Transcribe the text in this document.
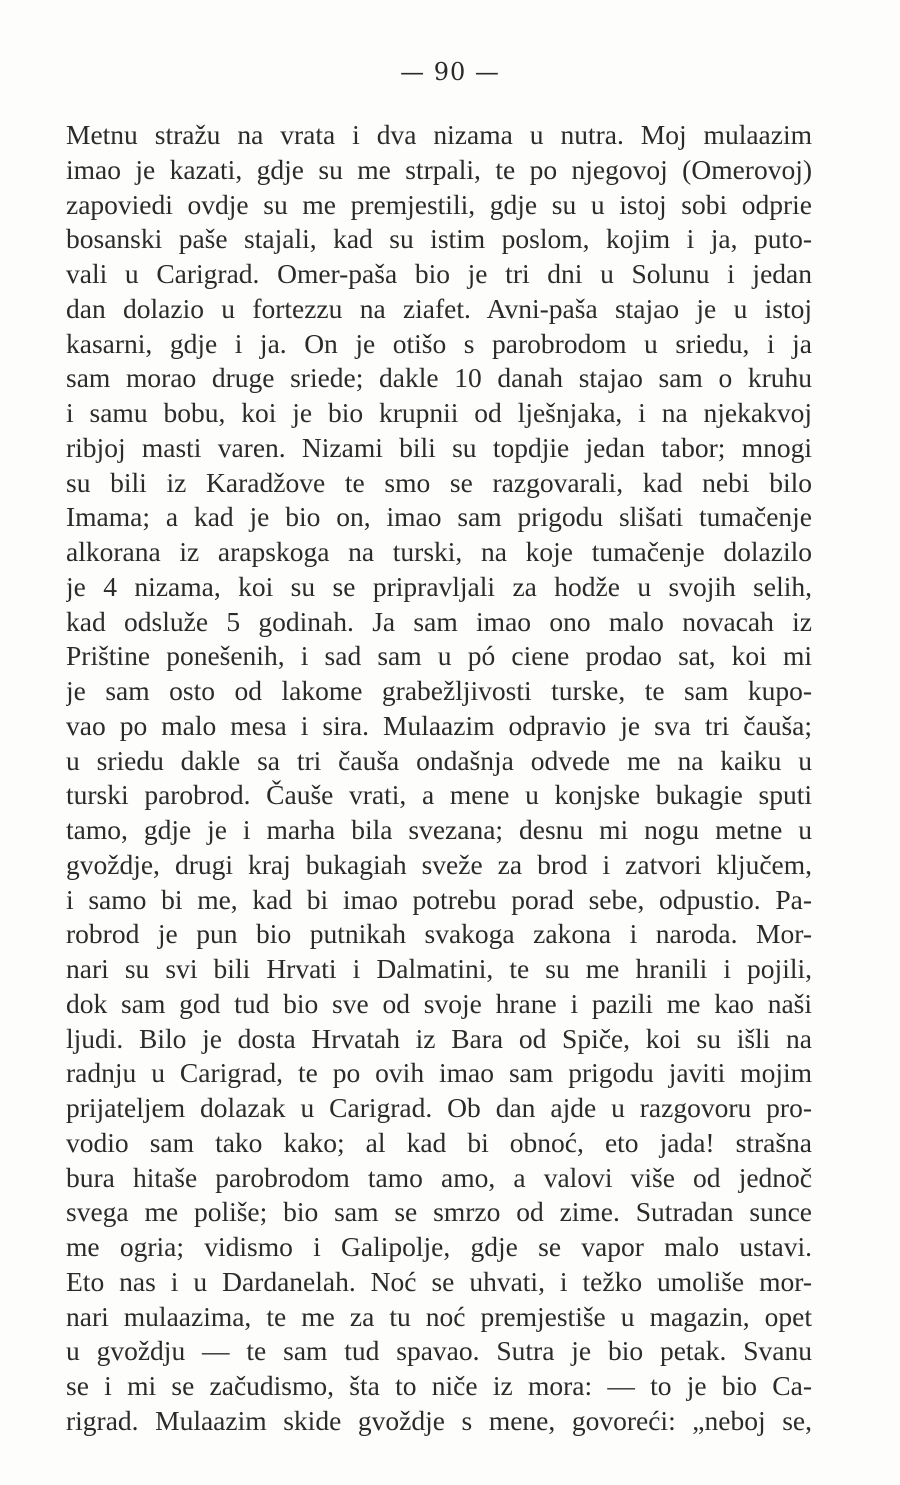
— 90 —
Metnu stražu na vrata i dva nizama u nutra. Moj mulaazim
imao je kazati, gdje su me strpali, te po njegovoj (Omerovoj)
zapoviedi ovdje su me premjestili, gdje su u istoj sobi odprie
bosanski paše stajali, kad su istim poslom, kojim i ja, puto-
vali u Carigrad. Omer-paša bio je tri dni u Solunu i jedan
dan dolazio u fortezzu na ziafet. Avni-paša stajao je u istoj
kasarni, gdje i ja. On je otišo s parobrodom u sriedu, i ja
sam morao druge sriede; dakle 10 danah stajao sam o kruhu
i samu bobu, koi je bio krupnii od lješnjaka, i na njekakvoj
ribjoj masti varen. Nizami bili su topdjie jedan tabor; mnogi
su bili iz Karadžove te smo se razgovarali, kad nebi bilo
Imama; a kad je bio on, imao sam prigodu slišati tumačenje
alkorana iz arapskoga na turski, na koje tumačenje dolazilo
je 4 nizama, koi su se pripravljali za hodže u svojih selih,
kad odsluže 5 godinah. Ja sam imao ono malo novacah iz
Prištine ponešenih, i sad sam u pó ciene prodao sat, koi mi
je sam osto od lakome grabežljivosti turske, te sam kupo-
vao po malo mesa i sira. Mulaazim odpravio je sva tri čauša;
u sriedu dakle sa tri čauša ondašnja odvede me na kaiku u
turski parobrod. Čauše vrati, a mene u konjske bukagie sputi
tamo, gdje je i marha bila svezana; desnu mi nogu metne u
gvoždje, drugi kraj bukagiah sveže za brod i zatvori ključem,
i samo bi me, kad bi imao potrebu porad sebe, odpustio. Pa-
robrod je pun bio putnikah svakoga zakona i naroda. Mor-
nari su svi bili Hrvati i Dalmatini, te su me hranili i pojili,
dok sam god tud bio sve od svoje hrane i pazili me kao naši
ljudi. Bilo je dosta Hrvatah iz Bara od Spiče, koi su išli na
radnju u Carigrad, te po ovih imao sam prigodu javiti mojim
prijateljem dolazak u Carigrad. Ob dan ajde u razgovoru pro-
vodio sam tako kako; al kad bi obnoć, eto jada! strašna
bura hitaše parobrodom tamo amo, a valovi više od jednoč
svega me poliše; bio sam se smrzo od zime. Sutradan sunce
me ogria; vidismo i Galipolje, gdje se vapor malo ustavi.
Eto nas i u Dardanelah. Noć se uhvati, i težko umoliše mor-
nari mulaazima, te me za tu noć premjestiše u magazin, opet
u gvoždju — te sam tud spavao. Sutra je bio petak. Svanu
se i mi se začudismo, šta to niče iz mora: — to je bio Ca-
rigrad. Mulaazim skide gvoždje s mene, govoreći: „neboj se,
